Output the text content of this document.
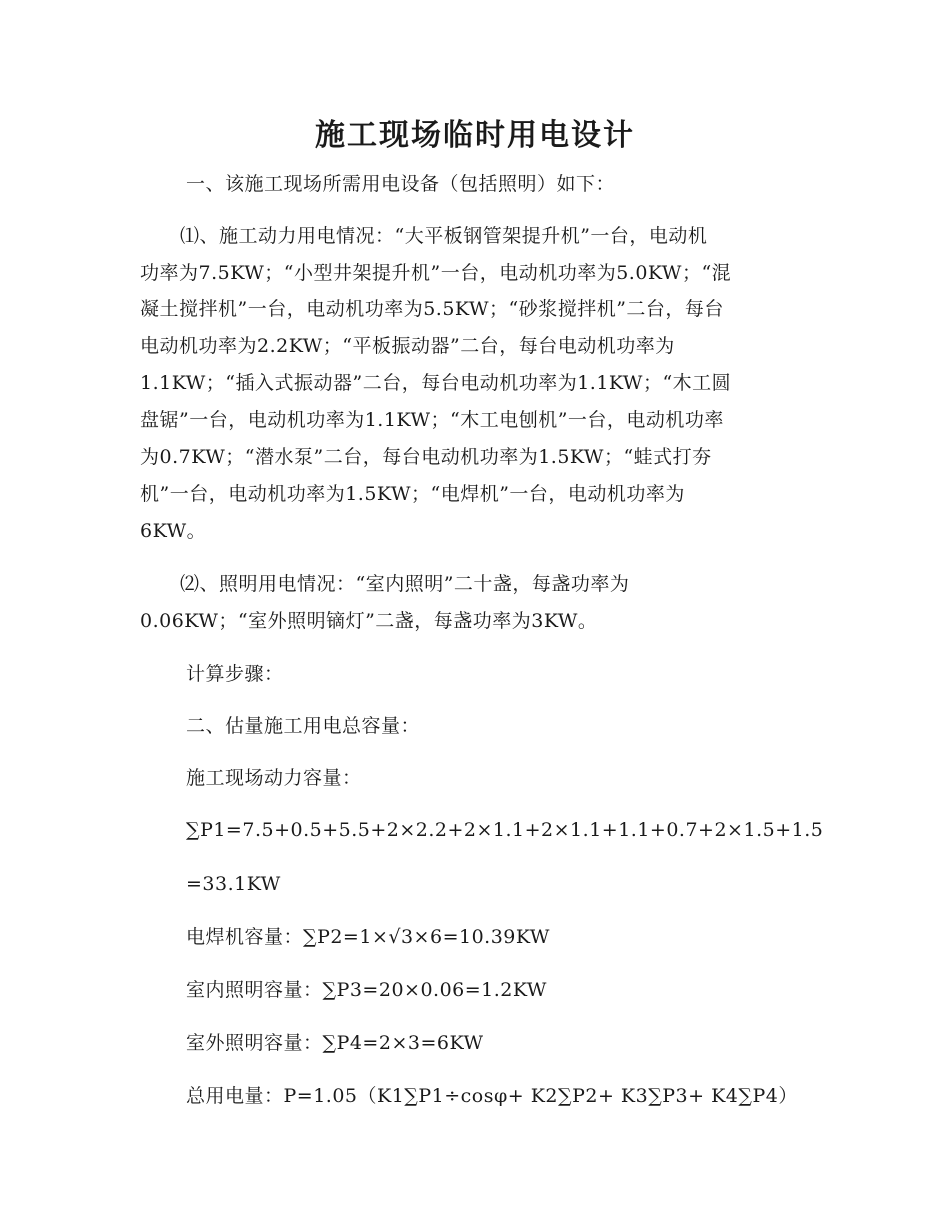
施工现场临时用电设计
一、该施工现场所需用电设备（包括照明）如下：
⑴、施工动力用电情况：“大平板钢管架提升机”一台，电动机
功率为7.5KW；“小型井架提升机”一台，电动机功率为5.0KW；“混
凝土搅拌机”一台，电动机功率为5.5KW；“砂浆搅拌机”二台，每台
电动机功率为2.2KW；“平板振动器”二台，每台电动机功率为
1.1KW；“插入式振动器”二台，每台电动机功率为1.1KW；“木工圆
盘锯”一台，电动机功率为1.1KW；“木工电刨机”一台，电动机功率
为0.7KW；“潜水泵”二台，每台电动机功率为1.5KW；“蛙式打夯
机”一台，电动机功率为1.5KW；“电焊机”一台，电动机功率为
6KW。
⑵、照明用电情况：“室内照明”二十盏，每盏功率为
0.06KW；“室外照明镝灯”二盏，每盏功率为3KW。
计算步骤：
二、估量施工用电总容量：
施工现场动力容量：
∑P1=7.5+0.5+5.5+2×2.2+2×1.1+2×1.1+1.1+0.7+2×1.5+1.5
=33.1KW
电焊机容量：∑P2=1×√3×6=10.39KW
室内照明容量：∑P3=20×0.06=1.2KW
室外照明容量：∑P4=2×3=6KW
总用电量：P=1.05（K1∑P1÷cosφ+ K2∑P2+ K3∑P3+ K4∑P4）
